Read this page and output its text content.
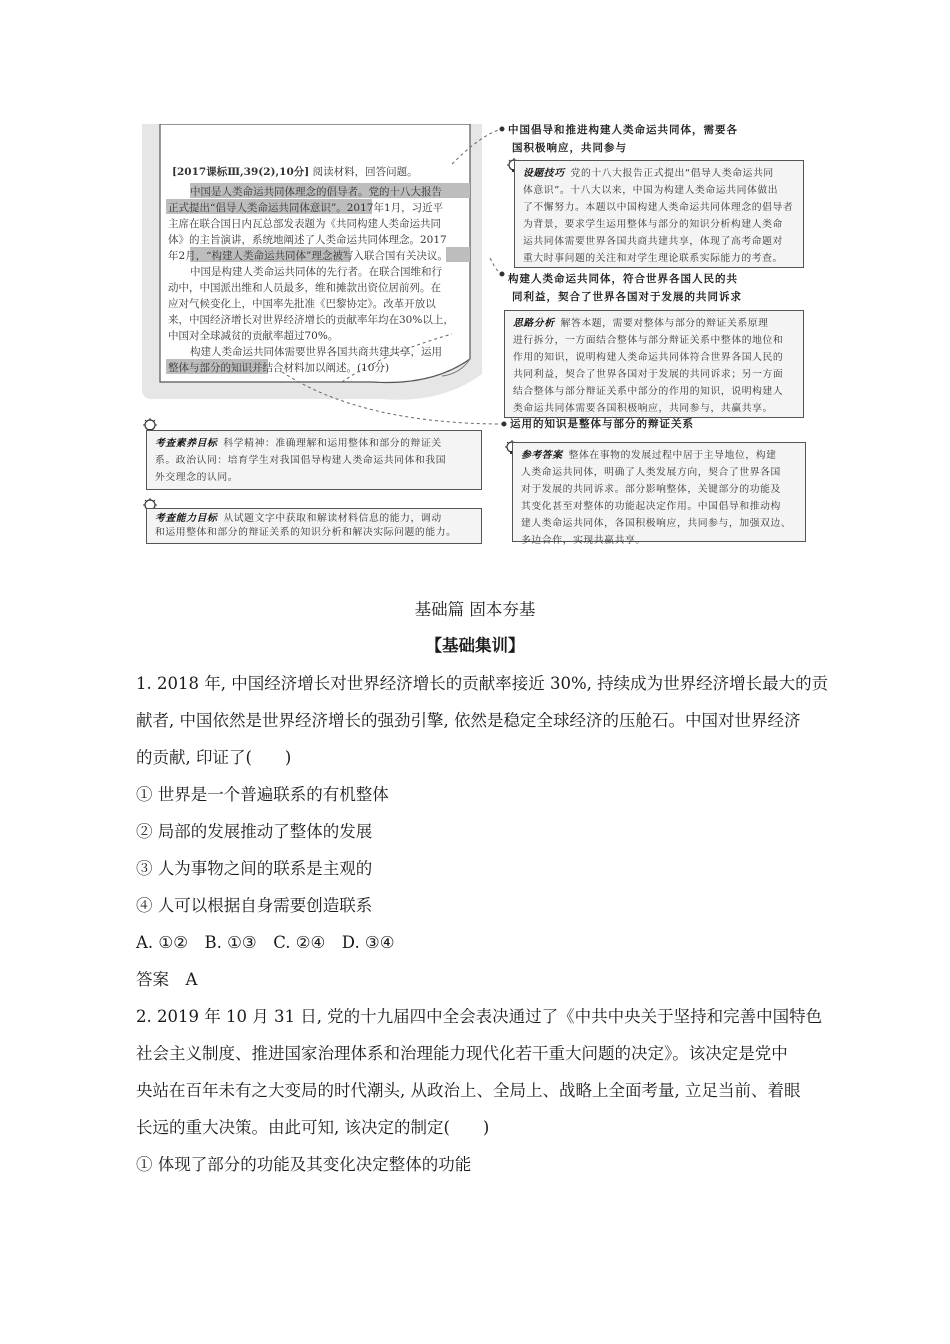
[2017课标Ⅲ,39(2),10分] 阅读材料，回答问题。
中国是人类命运共同体理念的倡导者。党的十八大报告
正式提出“倡导人类命运共同体意识”。2017年1月，习近平
主席在联合国日内瓦总部发表题为《共同构建人类命运共同
体》的主旨演讲，系统地阐述了人类命运共同体理念。2017
年2月，“构建人类命运共同体”理念被写入联合国有关决议。
中国是构建人类命运共同体的先行者。在联合国维和行
动中，中国派出维和人员最多，维和摊款出资位居前列。在
应对气候变化上，中国率先批准《巴黎协定》。改革开放以
来，中国经济增长对世界经济增长的贡献率年均在30%以上，
中国对全球减贫的贡献率超过70%。
构建人类命运共同体需要世界各国共商共建共享，运用
整体与部分的知识并结合材料加以阐述。(10分)
中国倡导和推进构建人类命运共同体，需要各
国积极响应，共同参与
设题技巧 党的十八大报告正式提出“倡导人类命运共同
体意识”。十八大以来，中国为构建人类命运共同体做出
了不懈努力。本题以中国构建人类命运共同体理念的倡导者
为背景，要求学生运用整体与部分的知识分析构建人类命
运共同体需要世界各国共商共建共享，体现了高考命题对
重大时事问题的关注和对学生理论联系实际能力的考查。
构建人类命运共同体，符合世界各国人民的共
同利益，契合了世界各国对于发展的共同诉求
思路分析 解答本题，需要对整体与部分的辩证关系原理
进行拆分，一方面结合整体与部分辩证关系中整体的地位和
作用的知识，说明构建人类命运共同体符合世界各国人民的
共同利益，契合了世界各国对于发展的共同诉求；另一方面
结合整体与部分辩证关系中部分的作用的知识，说明构建人
类命运共同体需要各国积极响应，共同参与，共赢共享。
运用的知识是整体与部分的辩证关系
参考答案 整体在事物的发展过程中居于主导地位，构建
人类命运共同体，明确了人类发展方向，契合了世界各国
对于发展的共同诉求。部分影响整体，关键部分的功能及
其变化甚至对整体的功能起决定作用。中国倡导和推动构
建人类命运共同体，各国积极响应，共同参与，加强双边、
多边合作，实现共赢共享。
考查素养目标 科学精神：准确理解和运用整体和部分的辩证关
系。政治认同：培育学生对我国倡导构建人类命运共同体和我国
外交理念的认同。
考查能力目标 从试题文字中获取和解读材料信息的能力，调动
和运用整体和部分的辩证关系的知识分析和解决实际问题的能力。
基础篇 固本夯基
【基础集训】
1. 2018 年, 中国经济增长对世界经济增长的贡献率接近 30%, 持续成为世界经济增长最大的贡
献者, 中国依然是世界经济增长的强劲引擎, 依然是稳定全球经济的压舱石。中国对世界经济
的贡献, 印证了(　　)
① 世界是一个普遍联系的有机整体
② 局部的发展推动了整体的发展
③ 人为事物之间的联系是主观的
④ 人可以根据自身需要创造联系
A. ①②　B. ①③　C. ②④　D. ③④
答案　A
2. 2019 年 10 月 31 日, 党的十九届四中全会表决通过了《中共中央关于坚持和完善中国特色
社会主义制度、推进国家治理体系和治理能力现代化若干重大问题的决定》。该决定是党中
央站在百年未有之大变局的时代潮头, 从政治上、全局上、战略上全面考量, 立足当前、着眼
长远的重大决策。由此可知, 该决定的制定(　　)
① 体现了部分的功能及其变化决定整体的功能
